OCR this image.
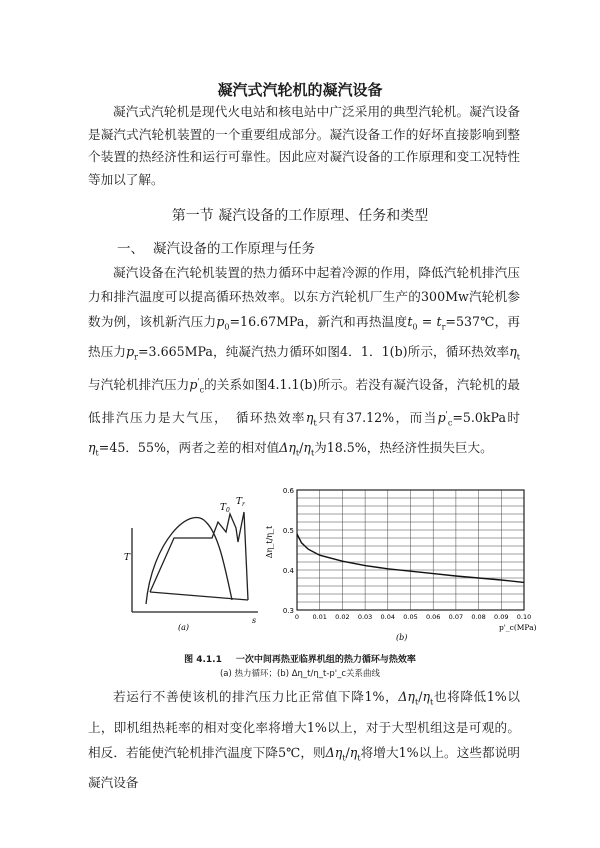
凝汽式汽轮机的凝汽设备

凝汽式汽轮机是现代火电站和核电站中广泛采用的典型汽轮机。凝汽设备是凝汽式汽轮机装置的一个重要组成部分。凝汽设备工作的好坏直接影响到整个装置的热经济性和运行可靠性。因此应对凝汽设备的工作原理和变工况特性等加以了解。

第一节 凝汽设备的工作原理、任务和类型
一、 凝汽设备的工作原理与任务

凝汽设备在汽轮机装置的热力循环中起着冷源的作用，降低汽轮机排汽压力和排汽温度可以提高循环热效率。以东方汽轮机厂生产的300Mw汽轮机参数为例，该机新汽压力$p_0=16.67MPa$，新汽和再热温度$t_0$ = $t_r=537℃$，再热压力$p_r=3.665MPa$，纯凝汽热力循环如图4．1．1(b)所示，循环热效率$\eta_t$与汽轮机排汽压力$p'_c$的关系如图4.1.1(b)所示。若没有凝汽设备，汽轮机的最低排汽压力是大气压，　循环热效率$\eta_t$只有37.12%，而当$p'_c=5.0kPa$时$\eta_t=45$．55%，两者之差的相对值$\Delta\eta_t/\eta_t$为18.5%，热经济性损失巨大。

T
$T_0$
$T_r$
s
(a)
0.6
0.5
0.4
0.3
0.10
0.09
0.08
0.07
0.06
0.05
0.04
0.03
0.02
0.01
0
Δη_t/η_t
p'_c(MPa)
(b)
图 4.1.1 一次中间再热亚临界机组的热力循环与热效率
(a) 热力循环；(b) Δη_t/η_t-p'_c关系曲线

若运行不善使该机的排汽压力比正常值下降1%，$\Delta\eta_t/\eta_t$也将降低1%以上，即机组热耗率的相对变化率将增大1%以上，对于大型机组这是可观的。相反．若能使汽轮机排汽温度下降5℃，则$\Delta\eta_t/\eta_t$将增大1%以上。这些都说明凝汽设备
